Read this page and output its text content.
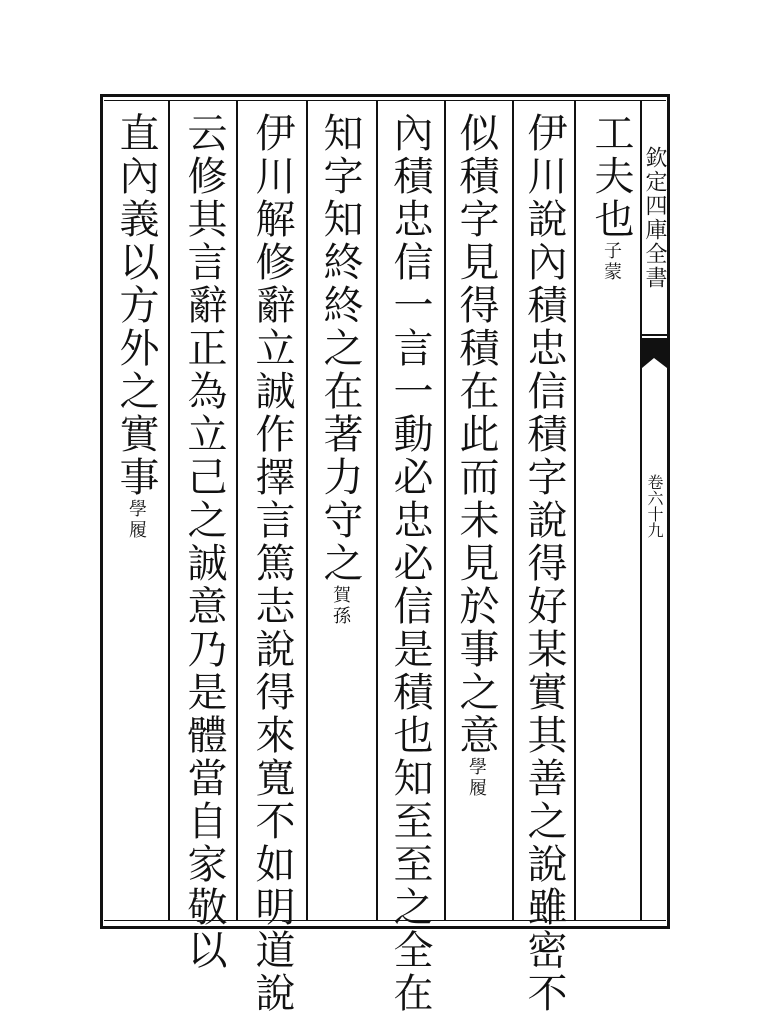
欽定四庫全書
卷六十九
工夫也子蒙
伊川說內積忠信積字說得好某實其善之說雖密不
似積字見得積在此而未見於事之意學履
內積忠信一言一動必忠必信是積也知至至之全在
知字知終終之在著力守之賀孫
伊川解修辭立誠作擇言篤志說得來寬不如明道說
云修其言辭正為立己之誠意乃是體當自家敬以
直內義以方外之實事學履
